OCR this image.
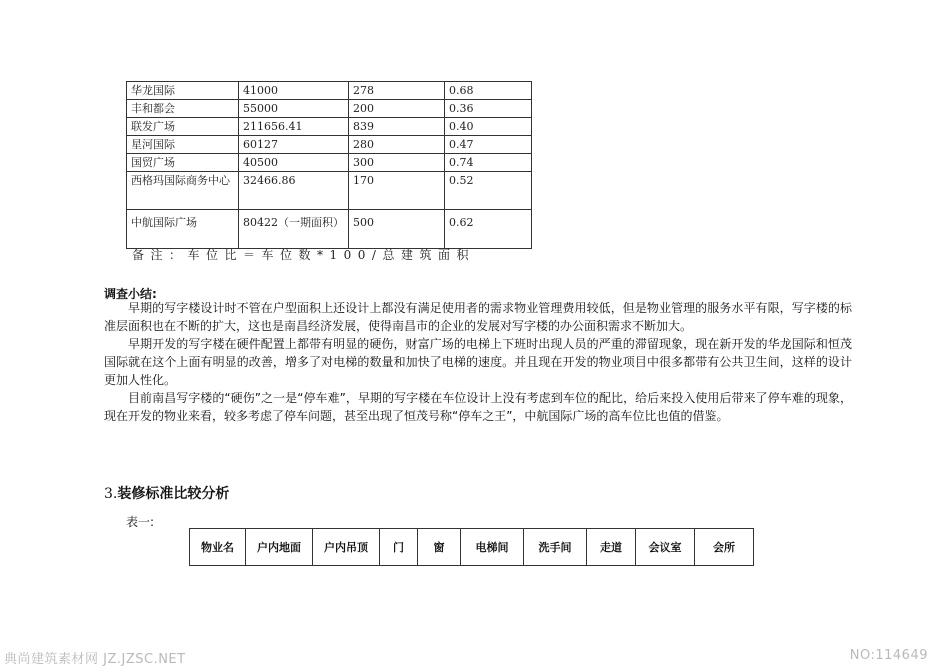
华龙国际	41000	278	0.68
丰和都会	55000	200	0.36
联发广场	211656.41	839	0.40
星河国际	60127	280	0.47
国贸广场	40500	300	0.74
西格玛国际商务中心	32466.86	170	0.52
中航国际广场	80422（一期面积）	500	0.62
备注：车位比＝车位数*100/总建筑面积
调查小结:
早期的写字楼设计时不管在户型面积上还设计上都没有满足使用者的需求物业管理费用较低，但是物业管理的服务水平有限，写字楼的标准层面积也在不断的扩大，这也是南昌经济发展，使得南昌市的企业的发展对写字楼的办公面积需求不断加大。
早期开发的写字楼在硬件配置上都带有明显的硬伤，财富广场的电梯上下班时出现人员的严重的滞留现象，现在新开发的华龙国际和恒茂国际就在这个上面有明显的改善，增多了对电梯的数量和加快了电梯的速度。并且现在开发的物业项目中很多都带有公共卫生间，这样的设计更加人性化。
目前南昌写字楼的“硬伤”之一是“停车难”，早期的写字楼在车位设计上没有考虑到车位的配比，给后来投入使用后带来了停车难的现象，现在开发的物业来看，较多考虑了停车问题，甚至出现了恒茂号称“停车之王”，中航国际广场的高车位比也值的借鉴。
3.装修标准比较分析
表一:
物业名	户内地面	户内吊顶	门	窗	电梯间	洗手间	走道	会议室	会所
典尚建筑素材网 JZ.JZSC.NET	NO:114649
